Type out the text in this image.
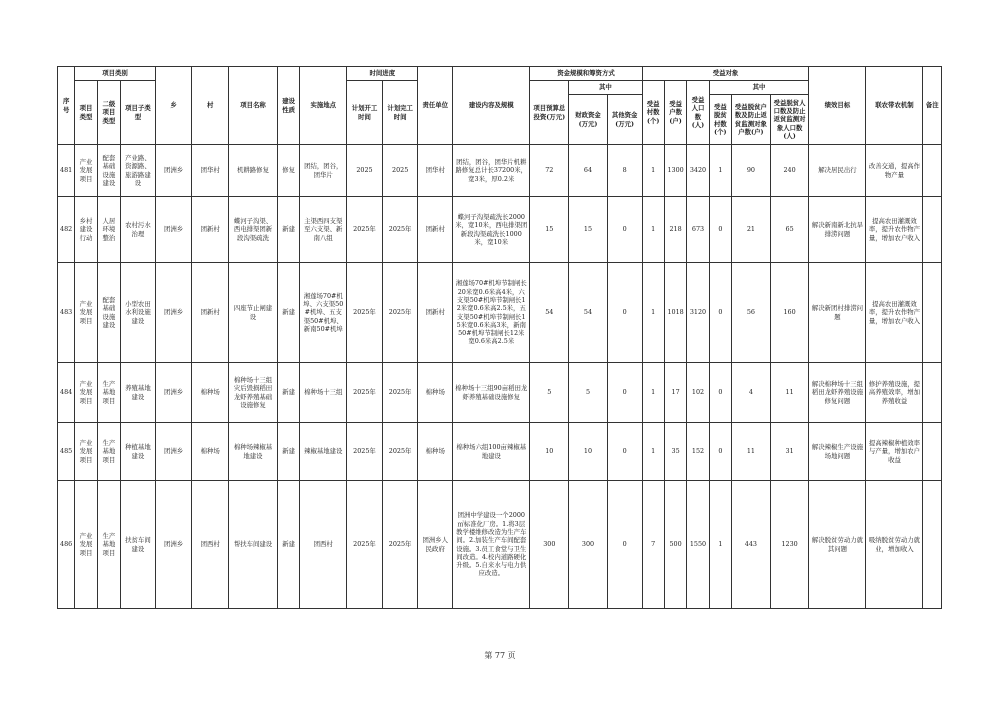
序号	项目类别			乡	村	项目名称	建设性质	实施地点	时间进度		责任单位	建设内容及规模	资金规模和筹资方式			受益对象						绩效目标	联农带农机制	备注
	项目类型	二级项目类型	项目子类型						计划开工时间	计划完工时间			项目预算总投资(万元)	其中		受益村数(个)	受益户数(户)	受益人口数(人)	其中					
														财政资金(万元)	其他资金(万元)				受益脱贫村数(个)	受益脱贫户数及防止返贫监测对象户数(户)	受益脱贫人口数及防止返贫监测对象人口数(人)			
481	产业发展项目	配套基础设施建设	产业路、资源路、旅游路建设	团洲乡	团华村	机耕路修复	修复	团结，团谷，团华片	2025	2025	团华村	团结，团谷，团华片机耕路修复总计长37200米，宽3米，厚0.2米	72	64	8	1	1300	3420	1	90	240	解决居民出行	改善交通，提高作物产量	
482	乡村建设行动	人居环境整治	农村污水治理	团洲乡	团新村	蝶河子沟渠、西电排渠团新段沟渠疏洗	新建	主渠西四支渠至六支渠、新南八组	2025年	2025年	团新村	蝶河子沟渠疏洗长2000米，宽10米，西电排渠团新段沟渠疏洗长1000米，宽10米	15	15	0	1	218	673	0	21	65	解决新南新北抗旱排涝问题	提高农田灌溉效率，提升农作物产量，增加农户收入	
483	产业发展项目	配套基础设施建设	小型农田水利设施建设	团洲乡	团新村	四座节止闸建设	新建	湘莲场70#机埠、六支渠50#机埠、五支渠50#机埠、新南50#机埠	2025年	2025年	团新村	湘莲场70#机埠节制闸长20米宽0.6米高4米，六支渠50#机埠节制闸长12米宽0.6米高2.5米，五支渠50#机埠节制闸长15米宽0.6米高3米，新南50#机埠节制闸长12米宽0.6米高2.5米	54	54	0	1	1018	3120	0	56	160	解决新团村排涝问题	提高农田灌溉效率，提升农作物产量，增加农户收入	
484	产业发展项目	生产基地项目	养殖基地建设	团洲乡	棉种场	棉种场十三组灾后毁损稻田龙虾养殖基础设施修复	新建	棉种场十三组	2025年	2025年	棉种场	棉种场十三组90亩稻田龙虾养殖基础设施修复	5	5	0	1	17	102	0	4	11	解决棉种场十三组稻田龙虾养殖设施修复问题	修护养殖设施，提高养殖效率，增加养殖收益	
485	产业发展项目	生产基地项目	种植基地建设	团洲乡	棉种场	棉种场辣椒基地建设	新建	辣椒基地建设	2025年	2025年	棉种场	棉种场六组100亩辣椒基地建设	10	10	0	1	35	152	0	11	31	解决辣椒生产设施场地问题	提高辣椒种植效率与产量，增加农户收益	
486	产业发展项目	生产基地项目	扶贫车间建设	团洲乡	团西村	帮扶车间建设	新建	团西村	2025年	2025年	团洲乡人民政府	团洲中学建设一个2000㎡标准化厂房。1.将3层教学楼维修改造为生产车间。2.加装生产车间配套设施。3.员工食堂与卫生间改造。4.校内道路硬化升级。5.自来水与电力供应改造。	300	300	0	7	500	1550	1	443	1230	解决脱贫劳动力就其问题	吸纳脱贫劳动力就业，增加收入	
第 77 页
